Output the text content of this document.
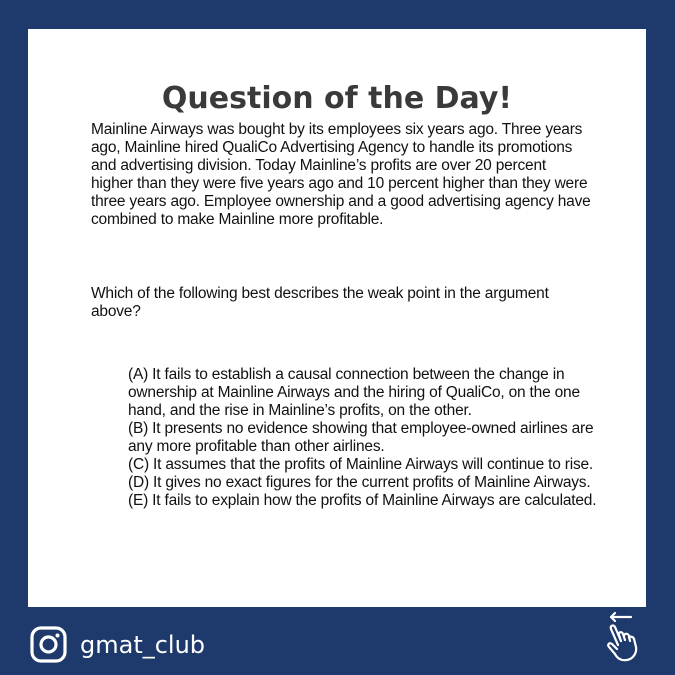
Question of the Day!
Mainline Airways was bought by its employees six years ago. Three years ago, Mainline hired QualiCo Advertising Agency to handle its promotions and advertising division. Today Mainline’s profits are over 20 percent higher than they were five years ago and 10 percent higher than they were three years ago. Employee ownership and a good advertising agency have combined to make Mainline more profitable.
Which of the following best describes the weak point in the argument above?
(A) It fails to establish a causal connection between the change in ownership at Mainline Airways and the hiring of QualiCo, on the one hand, and the rise in Mainline’s profits, on the other.
(B) It presents no evidence showing that employee-owned airlines are any more profitable than other airlines.
(C) It assumes that the profits of Mainline Airways will continue to rise.
(D) It gives no exact figures for the current profits of Mainline Airways.
(E) It fails to explain how the profits of Mainline Airways are calculated.
gmat_club
